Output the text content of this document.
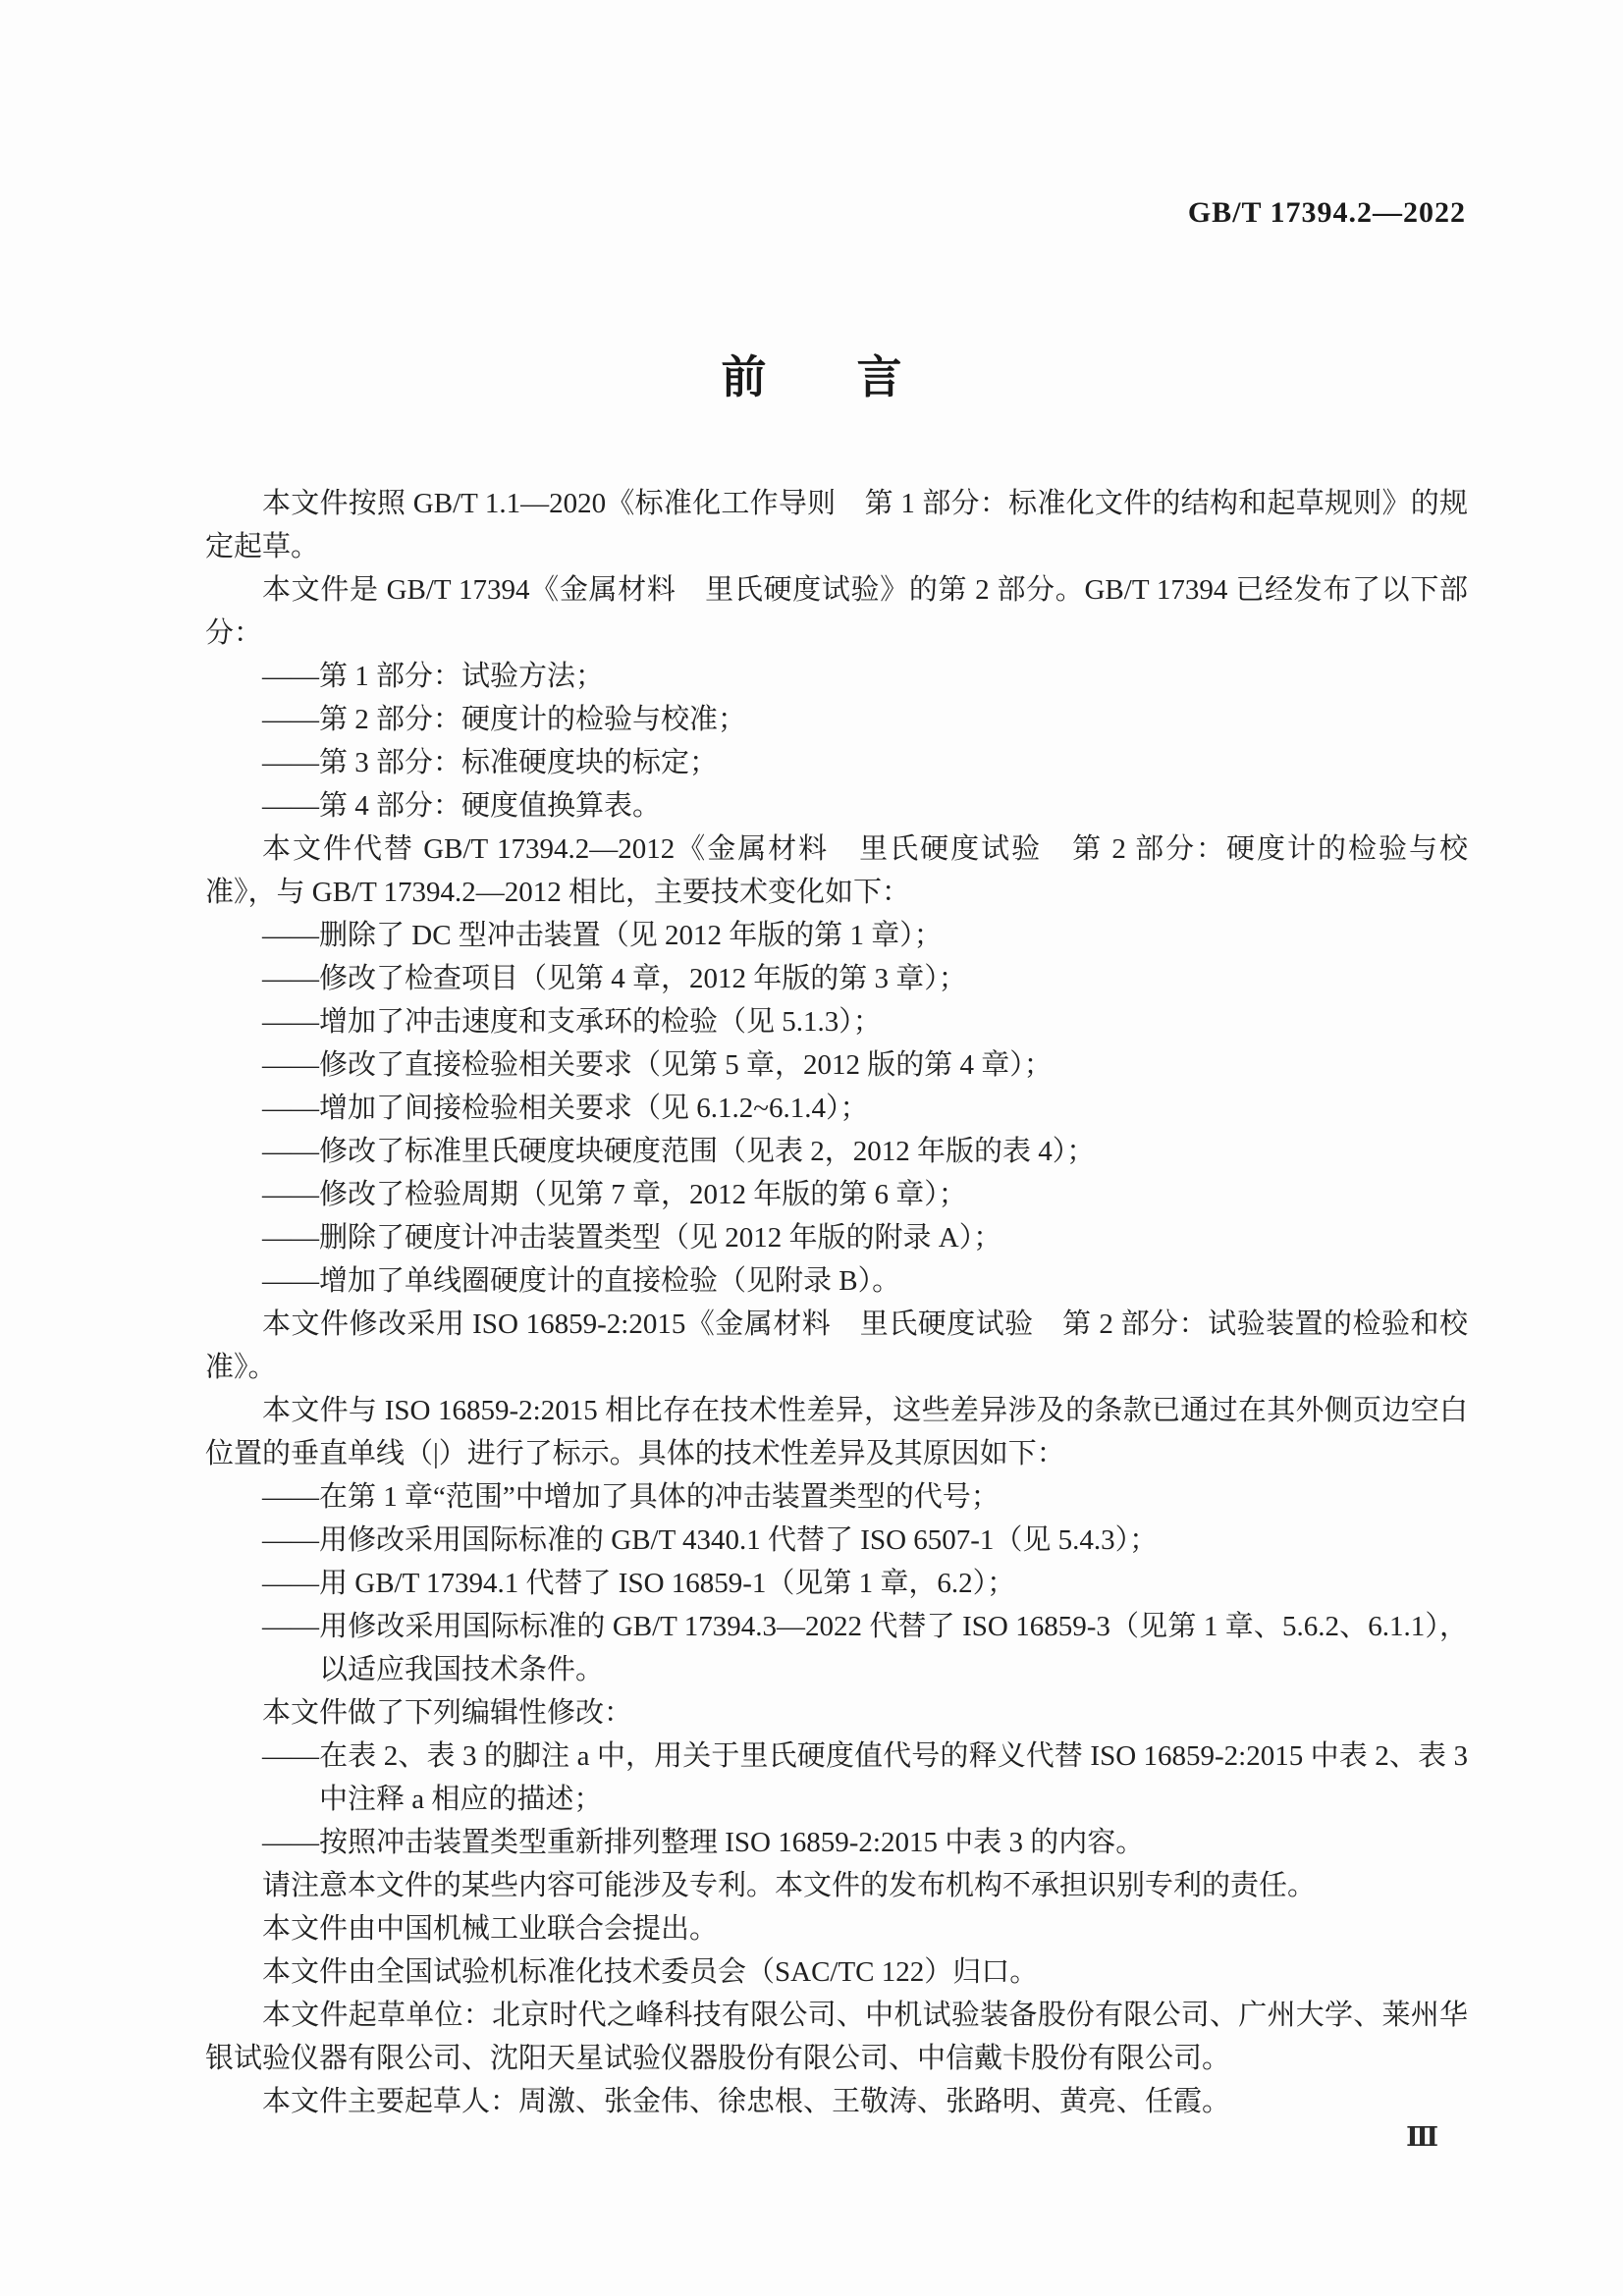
GB/T 17394.2—2022
前　　言

本文件按照 GB/T 1.1—2020《标准化工作导则　第 1 部分：标准化文件的结构和起草规则》的规定起草。

本文件是 GB/T 17394《金属材料　里氏硬度试验》的第 2 部分。GB/T 17394 已经发布了以下部分：

——第 1 部分：试验方法；

——第 2 部分：硬度计的检验与校准；

——第 3 部分：标准硬度块的标定；

——第 4 部分：硬度值换算表。

本文件代替 GB/T 17394.2—2012《金属材料　里氏硬度试验　第 2 部分：硬度计的检验与校准》，与 GB/T 17394.2—2012 相比，主要技术变化如下：

——删除了 DC 型冲击装置（见 2012 年版的第 1 章）；

——修改了检查项目（见第 4 章，2012 年版的第 3 章）；

——增加了冲击速度和支承环的检验（见 5.1.3）；

——修改了直接检验相关要求（见第 5 章，2012 版的第 4 章）；

——增加了间接检验相关要求（见 6.1.2~6.1.4）；

——修改了标准里氏硬度块硬度范围（见表 2，2012 年版的表 4）；

——修改了检验周期（见第 7 章，2012 年版的第 6 章）；

——删除了硬度计冲击装置类型（见 2012 年版的附录 A）；

——增加了单线圈硬度计的直接检验（见附录 B）。

本文件修改采用 ISO 16859-2:2015《金属材料　里氏硬度试验　第 2 部分：试验装置的检验和校准》。

本文件与 ISO 16859-2:2015 相比存在技术性差异，这些差异涉及的条款已通过在其外侧页边空白位置的垂直单线（|）进行了标示。具体的技术性差异及其原因如下：

——在第 1 章“范围”中增加了具体的冲击装置类型的代号；

——用修改采用国际标准的 GB/T 4340.1 代替了 ISO 6507-1（见 5.4.3）；

——用 GB/T 17394.1 代替了 ISO 16859-1（见第 1 章，6.2）；

——用修改采用国际标准的 GB/T 17394.3—2022 代替了 ISO 16859-3（见第 1 章、5.6.2、6.1.1），以适应我国技术条件。

本文件做了下列编辑性修改：

——在表 2、表 3 的脚注 a 中，用关于里氏硬度值代号的释义代替 ISO 16859-2:2015 中表 2、表 3 中注释 a 相应的描述；

——按照冲击装置类型重新排列整理 ISO 16859-2:2015 中表 3 的内容。

请注意本文件的某些内容可能涉及专利。本文件的发布机构不承担识别专利的责任。

本文件由中国机械工业联合会提出。

本文件由全国试验机标准化技术委员会（SAC/TC 122）归口。

本文件起草单位：北京时代之峰科技有限公司、中机试验装备股份有限公司、广州大学、莱州华银试验仪器有限公司、沈阳天星试验仪器股份有限公司、中信戴卡股份有限公司。

本文件主要起草人：周激、张金伟、徐忠根、王敬涛、张路明、黄亮、任霞。

Ⅲ
